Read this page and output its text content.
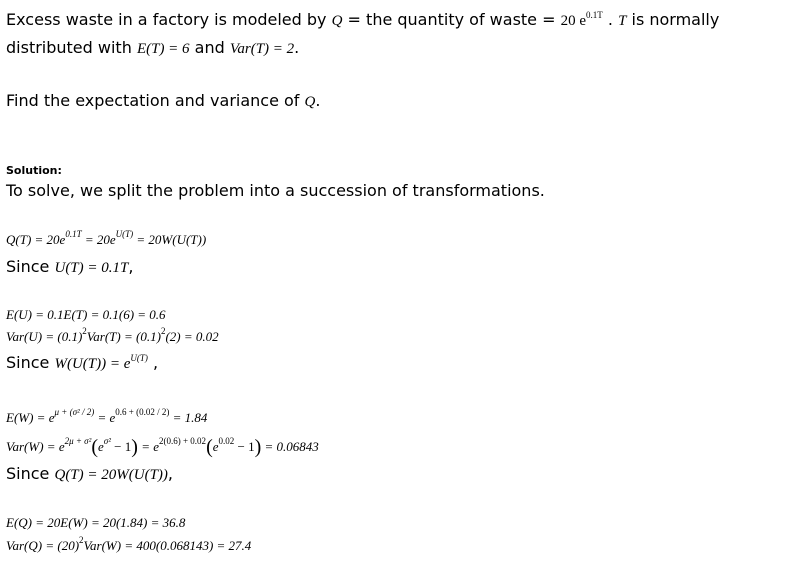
Excess waste in a factory is modeled by Q = the quantity of waste = 20 $e^{0.1T}$ . T is normally
distributed with E(T) = 6 and Var(T) = 2.
Find the expectation and variance of Q.
Solution:
To solve, we split the problem into a succession of transformations.
$Q(T) = 20e^{0.1T} = 20e^{U(T)} = 20W(U(T))$
Since U(T) = 0.1T,
E(U) = 0.1E(T) = 0.1(6) = 0.6
$Var(U) = (0.1)^2Var(T) = (0.1)^2(2) = 0.02$
Since $W(U(T)) = e^{U(T)}$ ,
$E(W) = e^{\mu + (\sigma^2 / 2)} = e^{0.6 + (0.02 / 2)} = 1.84$
$Var(W) = e^{2\mu + \sigma^2}(e^{\sigma^2} - 1) = e^{2(0.6) + 0.02}(e^{0.02} - 1) = 0.06843$
Since Q(T) = 20W(U(T)),
E(Q) = 20E(W) = 20(1.84) = 36.8
$Var(Q) = (20)^2Var(W) = 400(0.068143) = 27.4$
